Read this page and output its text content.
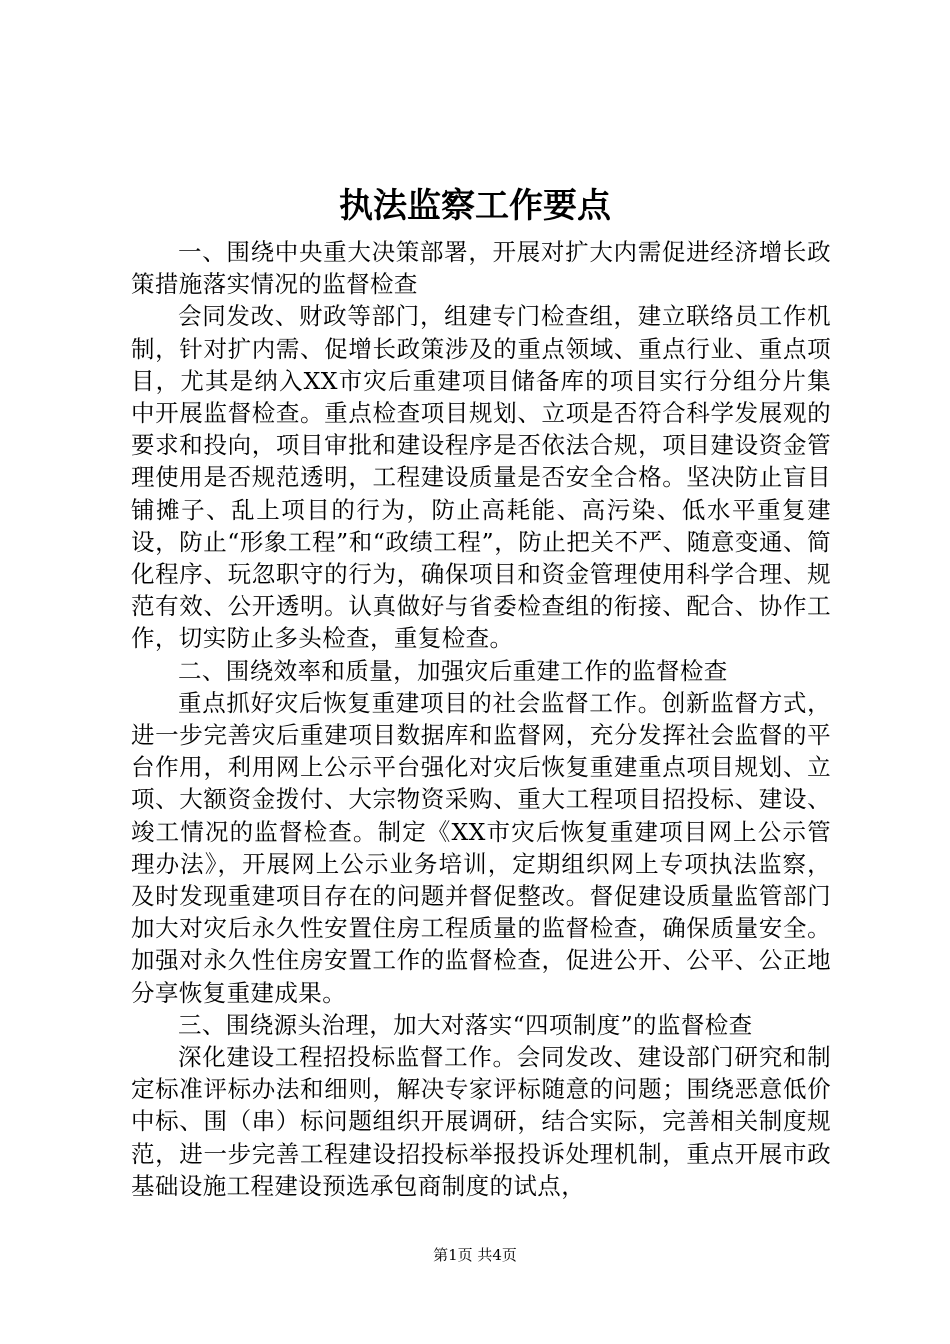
执法监察工作要点

一、围绕中央重大决策部署，开展对扩大内需促进经济增长政策措施落实情况的监督检查

会同发改、财政等部门，组建专门检查组，建立联络员工作机制，针对扩内需、促增长政策涉及的重点领域、重点行业、重点项目，尤其是纳入XX市灾后重建项目储备库的项目实行分组分片集中开展监督检查。重点检查项目规划、立项是否符合科学发展观的要求和投向，项目审批和建设程序是否依法合规，项目建设资金管理使用是否规范透明，工程建设质量是否安全合格。坚决防止盲目铺摊子、乱上项目的行为，防止高耗能、高污染、低水平重复建设，防止“形象工程”和“政绩工程”，防止把关不严、随意变通、简化程序、玩忽职守的行为，确保项目和资金管理使用科学合理、规范有效、公开透明。认真做好与省委检查组的衔接、配合、协作工作，切实防止多头检查，重复检查。

二、围绕效率和质量，加强灾后重建工作的监督检查

重点抓好灾后恢复重建项目的社会监督工作。创新监督方式，进一步完善灾后重建项目数据库和监督网，充分发挥社会监督的平台作用，利用网上公示平台强化对灾后恢复重建重点项目规划、立项、大额资金拨付、大宗物资采购、重大工程项目招投标、建设、竣工情况的监督检查。制定《XX市灾后恢复重建项目网上公示管理办法》，开展网上公示业务培训，定期组织网上专项执法监察，及时发现重建项目存在的问题并督促整改。督促建设质量监管部门加大对灾后永久性安置住房工程质量的监督检查，确保质量安全。加强对永久性住房安置工作的监督检查，促进公开、公平、公正地分享恢复重建成果。

三、围绕源头治理，加大对落实“四项制度”的监督检查

深化建设工程招投标监督工作。会同发改、建设部门研究和制定标准评标办法和细则，解决专家评标随意的问题；围绕恶意低价中标、围（串）标问题组织开展调研，结合实际，完善相关制度规范，进一步完善工程建设招投标举报投诉处理机制，重点开展市政基础设施工程建设预选承包商制度的试点，

第1页 共4页
